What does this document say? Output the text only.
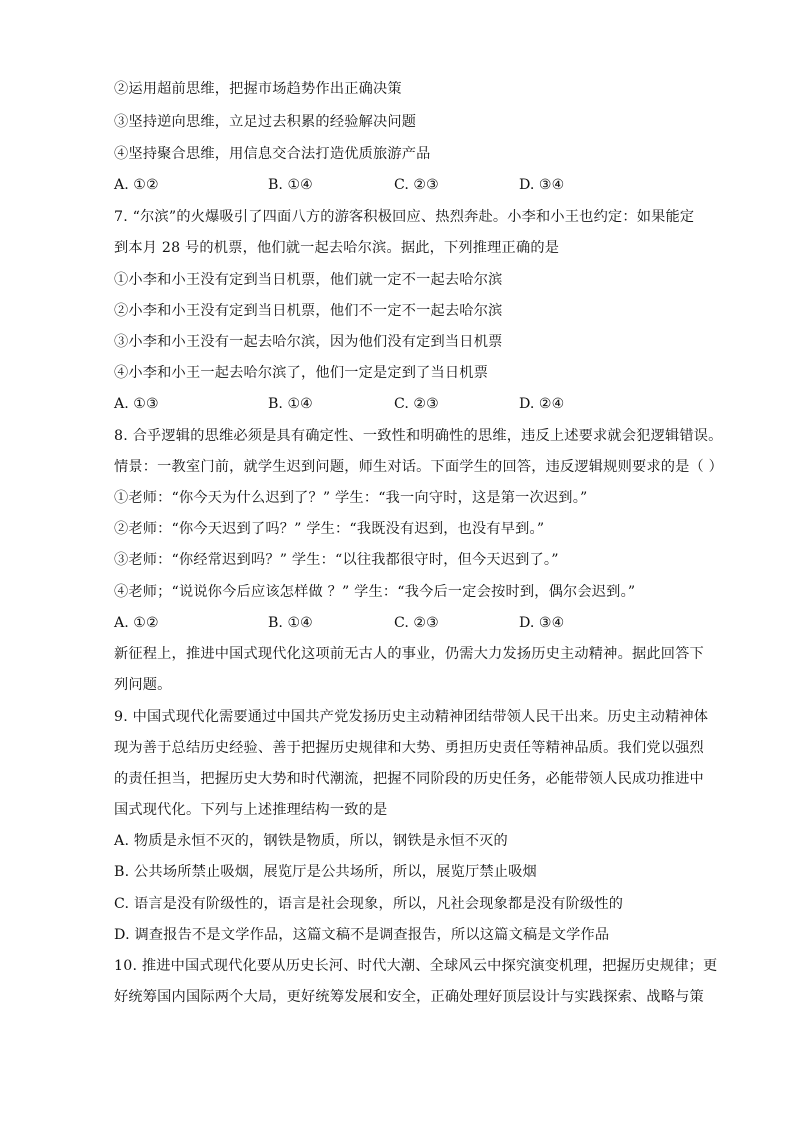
②运用超前思维，把握市场趋势作出正确决策
③坚持逆向思维，立足过去积累的经验解决问题
④坚持聚合思维，用信息交合法打造优质旅游产品
A. ①②	B. ①④	C. ②③	D. ③④
7. “尔滨”的火爆吸引了四面八方的游客积极回应、热烈奔赴。小李和小王也约定：如果能定
到本月 28 号的机票，他们就一起去哈尔滨。据此，下列推理正确的是
①小李和小王没有定到当日机票，他们就一定不一起去哈尔滨
②小李和小王没有定到当日机票，他们不一定不一起去哈尔滨
③小李和小王没有一起去哈尔滨，因为他们没有定到当日机票
④小李和小王一起去哈尔滨了，他们一定是定到了当日机票
A. ①③	B. ①④	C. ②③	D. ②④
8. 合乎逻辑的思维必须是具有确定性、一致性和明确性的思维，违反上述要求就会犯逻辑错误。
情景：一教室门前，就学生迟到问题，师生对话。下面学生的回答，违反逻辑规则要求的是（ ）
①老师：“你今天为什么迟到了？” 学生：“我一向守时，这是第一次迟到。”
②老师：“你今天迟到了吗？” 学生：“我既没有迟到，也没有早到。”
③老师：“你经常迟到吗？” 学生：“以往我都很守时，但今天迟到了。”
④老师；“说说你今后应该怎样做 ？” 学生：“我今后一定会按时到，偶尔会迟到。”
A. ①②	B. ①④	C. ②③	D. ③④
新征程上，推进中国式现代化这项前无古人的事业，仍需大力发扬历史主动精神。据此回答下
列问题。
9. 中国式现代化需要通过中国共产党发扬历史主动精神团结带领人民干出来。历史主动精神体
现为善于总结历史经验、善于把握历史规律和大势、勇担历史责任等精神品质。我们党以强烈
的责任担当，把握历史大势和时代潮流，把握不同阶段的历史任务，必能带领人民成功推进中
国式现代化。下列与上述推理结构一致的是
A. 物质是永恒不灭的，钢铁是物质，所以，钢铁是永恒不灭的
B. 公共场所禁止吸烟，展览厅是公共场所，所以，展览厅禁止吸烟
C. 语言是没有阶级性的，语言是社会现象，所以，凡社会现象都是没有阶级性的
D. 调查报告不是文学作品，这篇文稿不是调查报告，所以这篇文稿是文学作品
10. 推进中国式现代化要从历史长河、时代大潮、全球风云中探究演变机理，把握历史规律；更
好统筹国内国际两个大局，更好统筹发展和安全，正确处理好顶层设计与实践探索、战略与策
